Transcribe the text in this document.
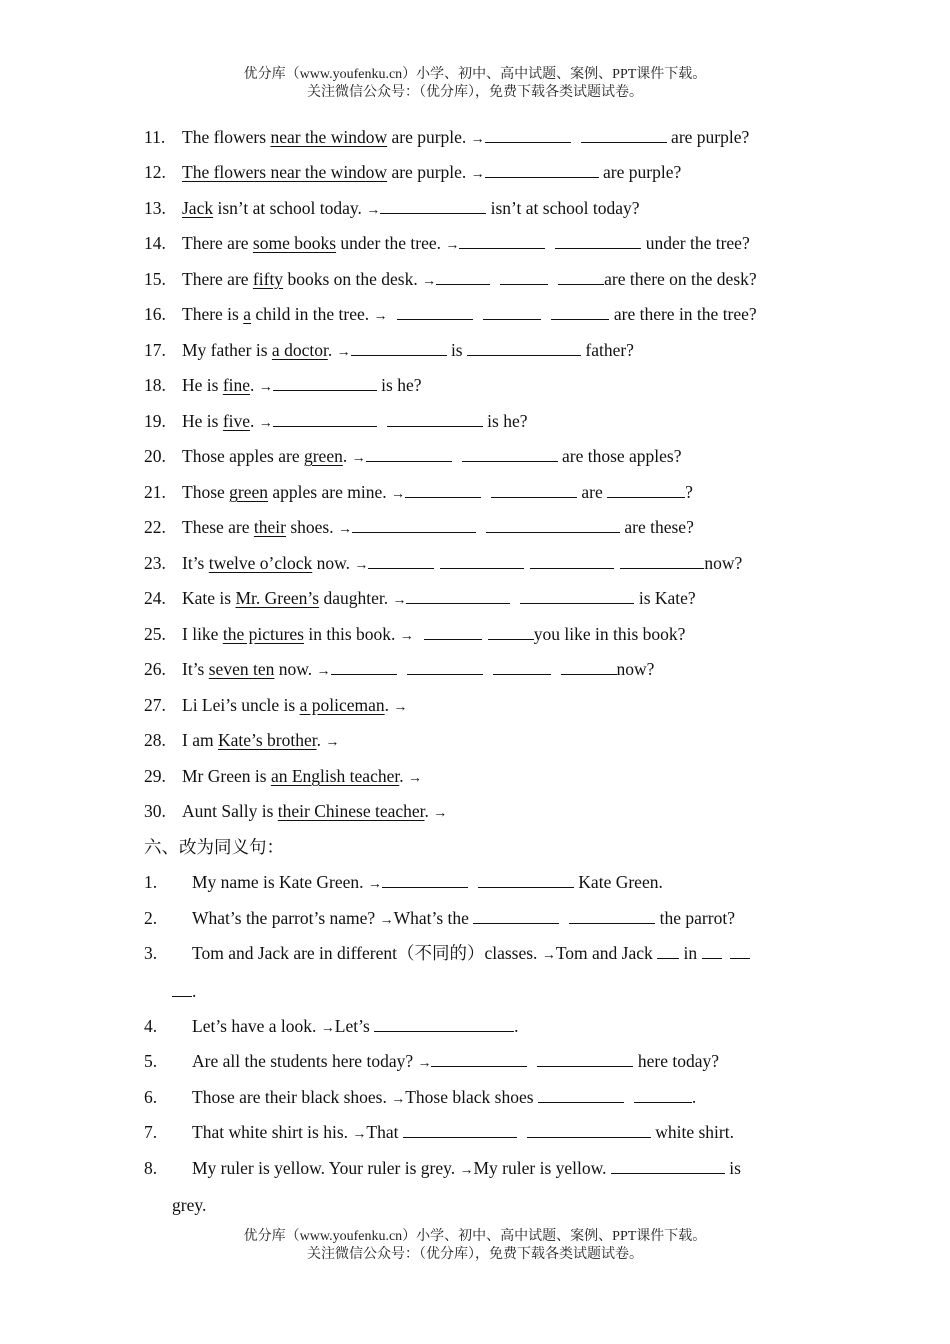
优分库（www.youfenku.cn）小学、初中、高中试题、案例、PPT课件下载。
关注微信公众号：（优分库），免费下载各类试题试卷。
11. The flowers near the window are purple. →	are purple?
12. The flowers near the window are purple. →	are purple?
13. Jack isn’t at school today. →	isn’t at school today?
14. There are some books under the tree. →	under the tree?
15. There are fifty books on the desk. →	are there on the desk?
16. There is a child in the tree. →	are there in the tree?
17. My father is a doctor. →	is	father?
18. He is fine. →	is he?
19. He is five. →	is he?
20. Those apples are green. →	are those apples?
21. Those green apples are mine. →	are	?
22. These are their shoes. →	are these?
23. It’s twelve o’clock now. →	now?
24. Kate is Mr. Green’s daughter. →	is Kate?
25. I like the pictures in this book. →	you like in this book?
26. It’s seven ten now. →	now?
27. Li Lei’s uncle is a policeman. →
28. I am Kate’s brother. →
29. Mr Green is an English teacher. →
30. Aunt Sally is their Chinese teacher. →
六、改为同义句：
1. My name is Kate Green. →	Kate Green.
2. What’s the parrot’s name? →What’s the	the parrot?
3. Tom and Jack are in different（不同的）classes. →Tom and Jack  in
.
4. Let’s have a look. →Let’s	.
5. Are all the students here today? →	here today?
6. Those are their black shoes. →Those black shoes	.
7. That white shirt is his. →That	white shirt.
8. My ruler is yellow. Your ruler is grey. →My ruler is yellow.	is
grey.
优分库（www.youfenku.cn）小学、初中、高中试题、案例、PPT课件下载。
关注微信公众号：（优分库），免费下载各类试题试卷。
